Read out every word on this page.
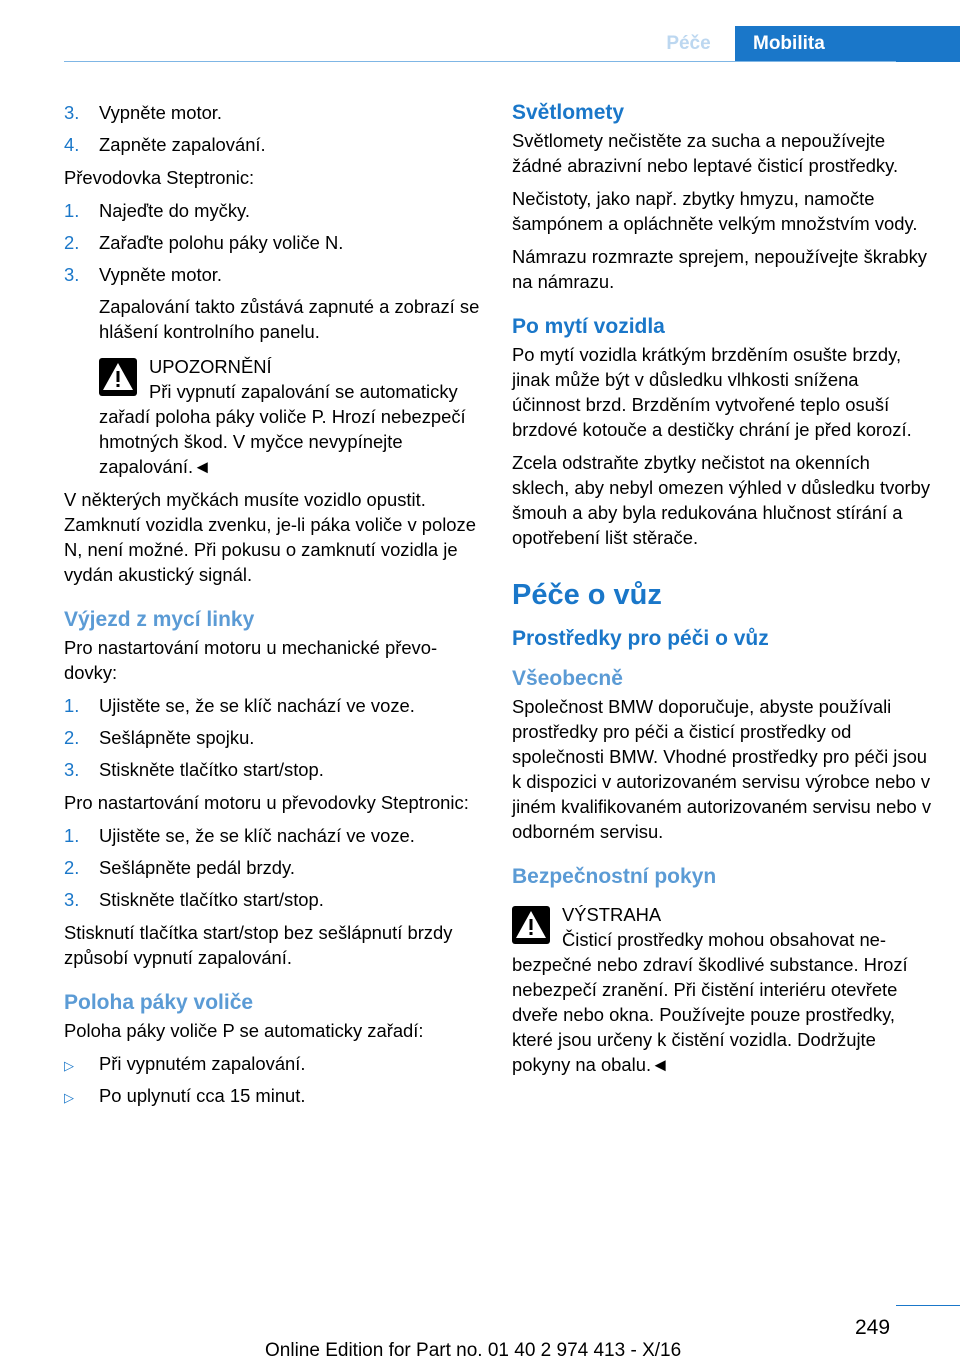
Péče	Mobilita
3. Vypněte motor.
4. Zapněte zapalování.

Převodovka Steptronic:

1. Najeďte do myčky.
2. Zařaďte polohu páky voliče N.
3. Vypněte motor.
Zapalování takto zůstává zapnuté a zobrazí se hlášení kontrolního panelu.
UPOZORNĚNÍ
Při vypnutí zapalování se automaticky zařadí poloha páky voliče P. Hrozí nebezpečí hmotných škod. V myčce nevypínejte zapalování.◄

V některých myčkách musíte vozidlo opustit. Zamknutí vozidla zvenku, je-li páka voliče v poloze N, není možné. Při pokusu o zamknutí vozidla je vydán akustický signál.

Výjezd z mycí linky

Pro nastartování motoru u mechanické převodovky:

1. Ujistěte se, že se klíč nachází ve voze.
2. Sešlápněte spojku.
3. Stiskněte tlačítko start/stop.

Pro nastartování motoru u převodovky Steptronic:

1. Ujistěte se, že se klíč nachází ve voze.
2. Sešlápněte pedál brzdy.
3. Stiskněte tlačítko start/stop.

Stisknutí tlačítka start/stop bez sešlápnutí brzdy způsobí vypnutí zapalování.

Poloha páky voliče

Poloha páky voliče P se automaticky zařadí:

▷ Při vypnutém zapalování.
▷ Po uplynutí cca 15 minut.
Světlomety

Světlomety nečistěte za sucha a nepoužívejte žádné abrazivní nebo leptavé čisticí prostředky.

Nečistoty, jako např. zbytky hmyzu, namočte šampónem a opláchněte velkým množstvím vody.

Námrazu rozmrazte sprejem, nepoužívejte škrabky na námrazu.

Po mytí vozidla

Po mytí vozidla krátkým brzděním osušte brzdy, jinak může být v důsledku vlhkosti snížena účinnost brzd. Brzděním vytvořené teplo osuší brzdové kotouče a destičky chrání je před korozí.

Zcela odstraňte zbytky nečistot na okenních sklech, aby nebyl omezen výhled v důsledku tvorby šmouh a aby byla redukována hlučnost stírání a opotřebení lišt stěrače.

Péče o vůz
Prostředky pro péči o vůz
Všeobecně

Společnost BMW doporučuje, abyste používali prostředky pro péči a čisticí prostředky od společnosti BMW. Vhodné prostředky pro péči jsou k dispozici v autorizovaném servisu výrobce nebo v jiném kvalifikovaném autorizovaném servisu nebo v odborném servisu.

Bezpečnostní pokyn
VÝSTRAHA
Čisticí prostředky mohou obsahovat nebezpečné nebo zdraví škodlivé substance. Hrozí nebezpečí zranění. Při čistění interiéru otevřete dveře nebo okna. Používejte pouze prostředky, které jsou určeny k čistění vozidla. Dodržujte pokyny na obalu.◄
249
Online Edition for Part no. 01 40 2 974 413 - X/16
